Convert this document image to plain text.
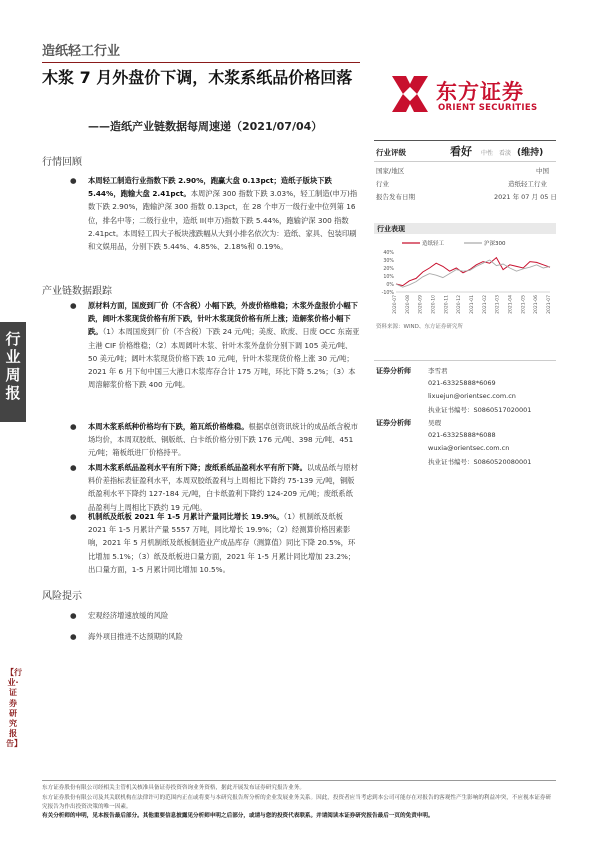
造纸轻工行业
木浆 7 月外盘价下调，木浆系纸品价格回落
——造纸产业链数据每周速递（2021/07/04）
东方证券
ORIENT SECURITIES
行业评级	看好 中性 看淡 (维持)
国家/地区	中国
行业	造纸轻工行业
报告发布日期	2021 年 07 月 05 日
行业表现
造纸轻工	沪深300
40%
30%
20%
10%
0%
-10%
2020-07 2020-08 2020-09 2020-10 2020-11 2020-12 2021-01 2021-02 2021-03 2021-04 2021-05 2021-06 2021-07
资料来源：WIND、东方证券研究所
证券分析师	李雪君
021-63325888*6069
lixuejun@orientsec.com.cn
执业证书编号：S0860517020001
证券分析师	吴瑕
021-63325888*6088
wuxia@orientsec.com.cn
执业证书编号：S0860520080001
行情回顾
● 本周轻工制造行业指数下跌 2.90%，跑赢大盘 0.13pct；造纸子版块下跌 5.44%，跑输大盘 2.41pct。本周沪深 300 指数下跌 3.03%，轻工制造(申万)指数下跌 2.90%，跑输沪深 300 指数 0.13pct，在 28 个申万一级行业中位列第 16 位，排名中等；二级行业中，造纸 II(申万)指数下跌 5.44%，跑输沪深 300 指数 2.41pct。本周轻工四大子板块涨跌幅从大到小排名依次为：造纸、家具、包装印刷和文娱用品，分别下跌 5.44%、4.85%、2.18%和 0.19%。
产业链数据跟踪
● 原材料方面，国废到厂价（不含税）小幅下跌，外废价格维稳；木浆外盘报价小幅下跌，阔叶木浆现货价格有所下跌，针叶木浆现货价格有所上涨；造解浆价格小幅下跌。（1）本周国废到厂价（不含税）下跌 24 元/吨；美废、欧废、日废 OCC 东南亚主港 CIF 价格维稳；（2）本周阔叶木浆、针叶木浆外盘价分别下调 105 美元/吨、50 美元/吨；阔叶木浆现货价格下跌 10 元/吨，针叶木浆现货价格上涨 30 元/吨；2021 年 6 月下旬中国三大港口木浆库存合计 175 万吨，环比下降 5.2%；（3）本周溶解浆价格下跌 400 元/吨。
● 本周木浆系纸种价格均有下跌，箱瓦纸价格维稳。根据卓创资讯统计的成品纸含税市场均价，本周双胶纸、铜版纸、白卡纸价格分别下跌 176 元/吨、398 元/吨、451 元/吨；箱板纸进厂价格持平。
● 本周木浆系纸品盈利水平有所下降；废纸系纸品盈利水平有所下降。以成品纸与原材料价差指标表征盈利水平，本周双胶纸盈利与上周相比下降约 75-139 元/吨，铜版纸盈利水平下降约 127-184 元/吨，白卡纸盈利下降约 124-209 元/吨；废纸系纸品盈利与上周相比下跌约 19 元/吨。
● 机制纸及纸板 2021 年 1-5 月累计产量同比增长 19.9%。（1）机制纸及纸板 2021 年 1-5 月累计产量 5557 万吨，同比增长 19.9%；（2）经测算价格因素影响，2021 年 5 月机制纸及纸板制造业产成品库存（测算值）同比下降 20.5%，环比增加 5.1%；（3）纸及纸板进口量方面，2021 年 1-5 月累计同比增加 23.2%；出口量方面，1-5 月累计同比增加 10.5%。
风险提示
● 宏观经济增速放缓的风险
● 海外项目推进不达预期的风险
行业周报
【行业·证券研究报告】
东方证券股份有限公司经相关主管机关核准具备证券投资咨询业务资格，据此开展发布证券研究报告业务。
东方证券股份有限公司及其关联机构在法律许可的范围内正在或将要与本研究报告所分析的企业发展业务关系。因此，投资者应当考虑到本公司可能存在对报告的客观性产生影响的利益冲突，不应视本证券研究报告为作出投资决策的唯一因素。
有关分析师的申明，见本报告最后部分。其他重要信息披露见分析师申明之后部分，或请与您的投资代表联系。并请阅读本证券研究报告最后一页的免责申明。
